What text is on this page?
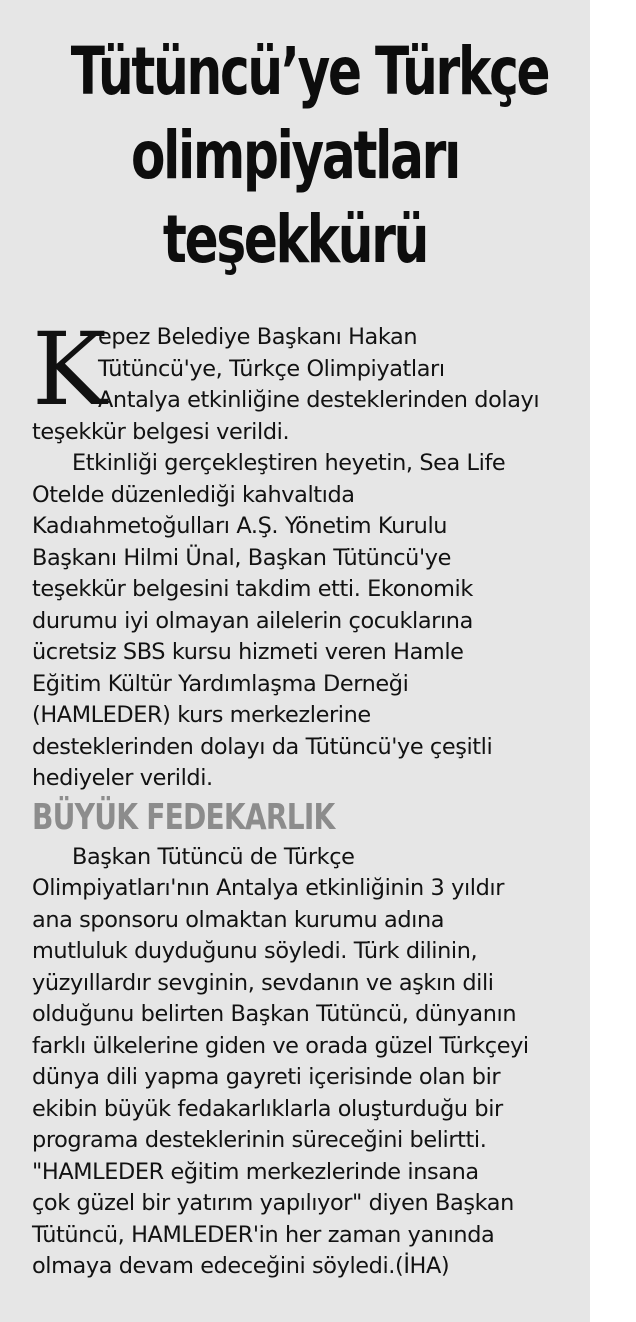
Tütüncü’ye Türkçe
olimpiyatları
teşekkürü
K
epez Belediye Başkanı Hakan
Tütüncü'ye, Türkçe Olimpiyatları
Antalya etkinliğine desteklerinden dolayı
teşekkür belgesi verildi.
Etkinliği gerçekleştiren heyetin, Sea Life
Otelde düzenlediği kahvaltıda
Kadıahmetoğulları A.Ş. Yönetim Kurulu
Başkanı Hilmi Ünal, Başkan Tütüncü'ye
teşekkür belgesini takdim etti. Ekonomik
durumu iyi olmayan ailelerin çocuklarına
ücretsiz SBS kursu hizmeti veren Hamle
Eğitim Kültür Yardımlaşma Derneği
(HAMLEDER) kurs merkezlerine
desteklerinden dolayı da Tütüncü'ye çeşitli
hediyeler verildi.
BÜYÜK FEDEKARLIK
Başkan Tütüncü de Türkçe
Olimpiyatları'nın Antalya etkinliğinin 3 yıldır
ana sponsoru olmaktan kurumu adına
mutluluk duyduğunu söyledi. Türk dilinin,
yüzyıllardır sevginin, sevdanın ve aşkın dili
olduğunu belirten Başkan Tütüncü, dünyanın
farklı ülkelerine giden ve orada güzel Türkçeyi
dünya dili yapma gayreti içerisinde olan bir
ekibin büyük fedakarlıklarla oluşturduğu bir
programa desteklerinin süreceğini belirtti.
"HAMLEDER eğitim merkezlerinde insana
çok güzel bir yatırım yapılıyor" diyen Başkan
Tütüncü, HAMLEDER'in her zaman yanında
olmaya devam edeceğini söyledi.(İHA)
